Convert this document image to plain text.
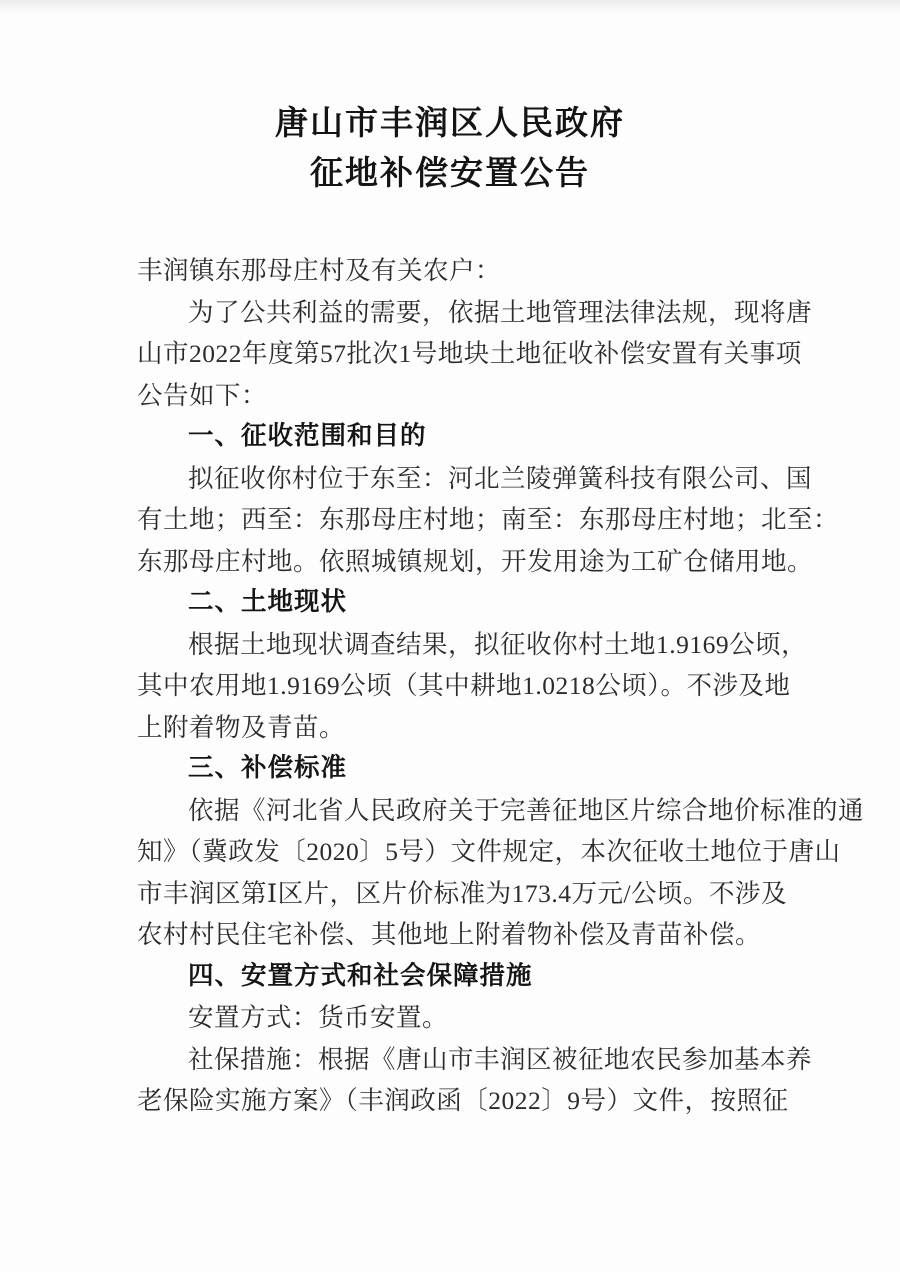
唐山市丰润区人民政府
征地补偿安置公告
丰润镇东那母庄村及有关农户：
为了公共利益的需要，依据土地管理法律法规，现将唐
山市2022年度第57批次1号地块土地征收补偿安置有关事项
公告如下：
一、征收范围和目的
拟征收你村位于东至：河北兰陵弹簧科技有限公司、国
有土地；西至：东那母庄村地；南至：东那母庄村地；北至：
东那母庄村地。依照城镇规划，开发用途为工矿仓储用地。
二、土地现状
根据土地现状调查结果，拟征收你村土地1.9169公顷，
其中农用地1.9169公顷（其中耕地1.0218公顷）。不涉及地
上附着物及青苗。
三、补偿标准
依据《河北省人民政府关于完善征地区片综合地价标准的通
知》（冀政发〔2020〕5号）文件规定，本次征收土地位于唐山
市丰润区第Ⅰ区片，区片价标准为173.4万元/公顷。不涉及
农村村民住宅补偿、其他地上附着物补偿及青苗补偿。
四、安置方式和社会保障措施
安置方式：货币安置。
社保措施：根据《唐山市丰润区被征地农民参加基本养
老保险实施方案》（丰润政函〔2022〕9号）文件，按照征
